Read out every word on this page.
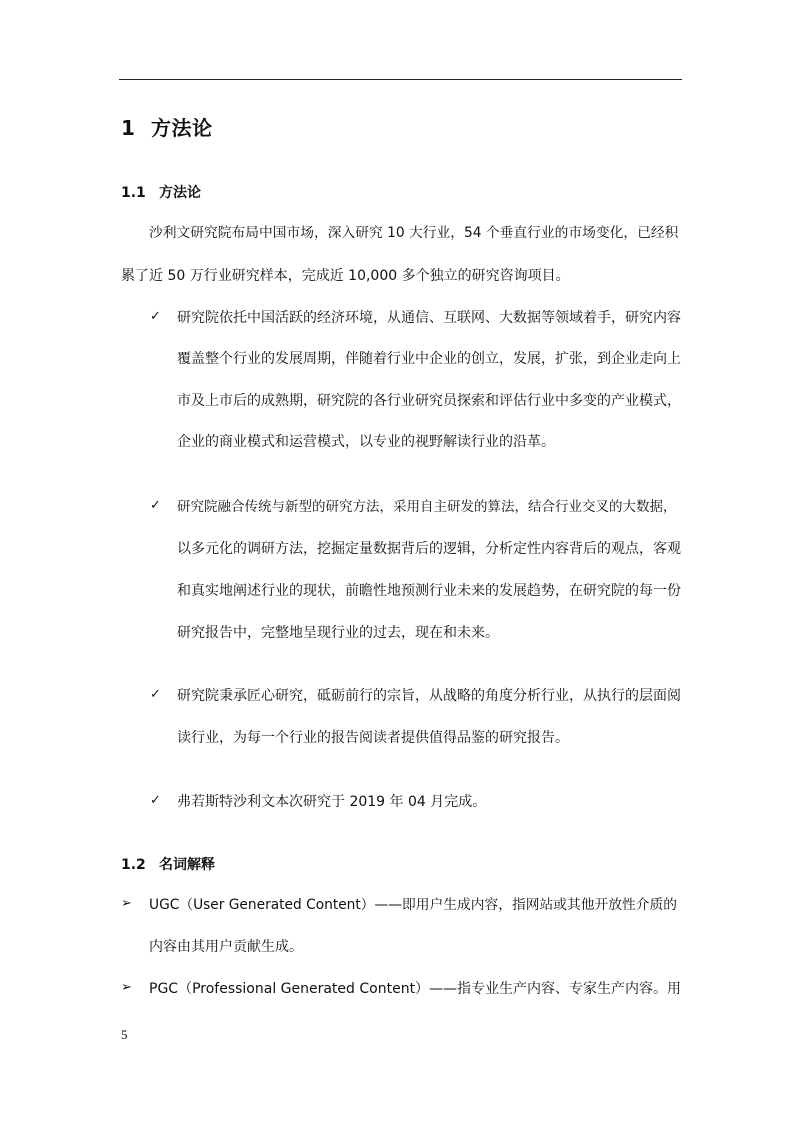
1 方法论
1.1 方法论
沙利文研究院布局中国市场，深入研究 10 大行业，54 个垂直行业的市场变化，已经积
累了近 50 万行业研究样本，完成近 10,000 多个独立的研究咨询项目。
✓ 研究院依托中国活跃的经济环境，从通信、互联网、大数据等领域着手，研究内容
覆盖整个行业的发展周期，伴随着行业中企业的创立，发展，扩张，到企业走向上
市及上市后的成熟期，研究院的各行业研究员探索和评估行业中多变的产业模式，
企业的商业模式和运营模式，以专业的视野解读行业的沿革。
✓ 研究院融合传统与新型的研究方法，采用自主研发的算法，结合行业交叉的大数据，
以多元化的调研方法，挖掘定量数据背后的逻辑，分析定性内容背后的观点，客观
和真实地阐述行业的现状，前瞻性地预测行业未来的发展趋势，在研究院的每一份
研究报告中，完整地呈现行业的过去，现在和未来。
✓ 研究院秉承匠心研究，砥砺前行的宗旨，从战略的角度分析行业，从执行的层面阅
读行业，为每一个行业的报告阅读者提供值得品鉴的研究报告。
✓ 弗若斯特沙利文本次研究于 2019 年 04 月完成。
1.2 名词解释
➢ UGC（User Generated Content）——即用户生成内容，指网站或其他开放性介质的
内容由其用户贡献生成。
➢ PGC（Professional Generated Content）——指专业生产内容、专家生产内容。用
5
